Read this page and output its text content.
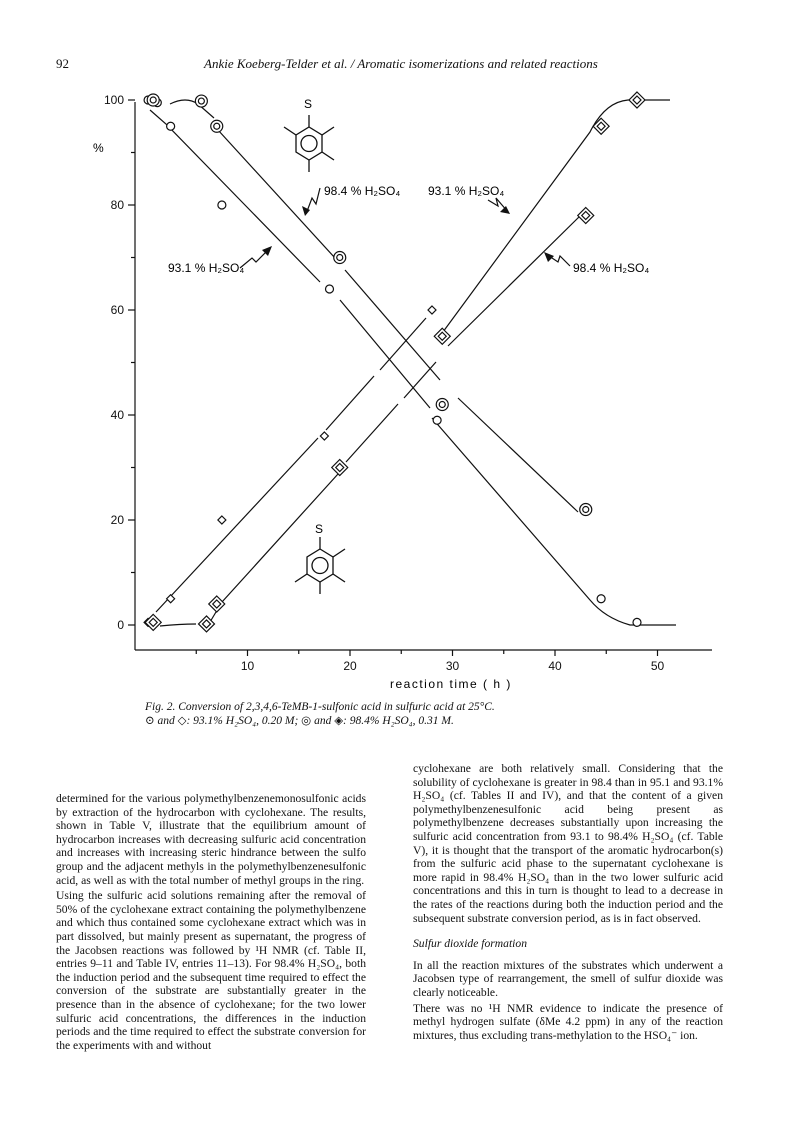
92	Ankie Koeberg-Telder et al. / Aromatic isomerizations and related reactions
0
20
40
60
80
100
10	20	30	40	50
%
reaction time ( h )
98.4 % H₂SO₄ 93.1 % H₂SO₄
93.1 % H₂SO₄	98.4 % H₂SO₄
S
S
Fig. 2. Conversion of 2,3,4,6-TeMB-1-sulfonic acid in sulfuric acid at 25°C.
⊙ and ◇: 93.1% H₂SO₄, 0.20 M; ◎ and ◈: 98.4% H₂SO₄, 0.31 M.

determined for the various polymethylbenzenemonosulfonic acids by extraction of the hydrocarbon with cyclohexane. The results, shown in Table V, illustrate that the equilibrium amount of hydrocarbon increases with decreasing sulfuric acid concentration and increases with increasing steric hindrance between the sulfo group and the adjacent methyls in the polymethylbenzenesulfonic acid, as well as with the total number of methyl groups in the ring.

Using the sulfuric acid solutions remaining after the removal of 50% of the cyclohexane extract containing the polymethylbenzene and which thus contained some cyclohexane extract which was in part dissolved, but mainly present as supernatant, the progress of the Jacobsen reactions was followed by ¹H NMR (cf. Table II, entries 9–11 and Table IV, entries 11–13). For 98.4% H₂SO₄, both the induction period and the subsequent time required to effect the conversion of the substrate are substantially greater in the presence than in the absence of cyclohexane; for the two lower sulfuric acid concentrations, the differences in the induction periods and the time required to effect the substrate conversion for the experiments with and without

cyclohexane are both relatively small. Considering that the solubility of cyclohexane is greater in 98.4 than in 95.1 and 93.1% H₂SO₄ (cf. Tables II and IV), and that the content of a given polymethylbenzenesulfonic acid being present as polymethylbenzene decreases substantially upon increasing the sulfuric acid concentration from 93.1 to 98.4% H₂SO₄ (cf. Table V), it is thought that the transport of the aromatic hydrocarbon(s) from the sulfuric acid phase to the supernatant cyclohexane is more rapid in 98.4% H₂SO₄ than in the two lower sulfuric acid concentrations and this in turn is thought to lead to a decrease in the rates of the reactions during both the induction period and the subsequent substrate conversion period, as is in fact observed.

Sulfur dioxide formation

In all the reaction mixtures of the substrates which underwent a Jacobsen type of rearrangement, the smell of sulfur dioxide was clearly noticeable.

There was no ¹H NMR evidence to indicate the presence of methyl hydrogen sulfate (δMe 4.2 ppm) in any of the reaction mixtures, thus excluding trans-methylation to the HSO₄⁻ ion.
